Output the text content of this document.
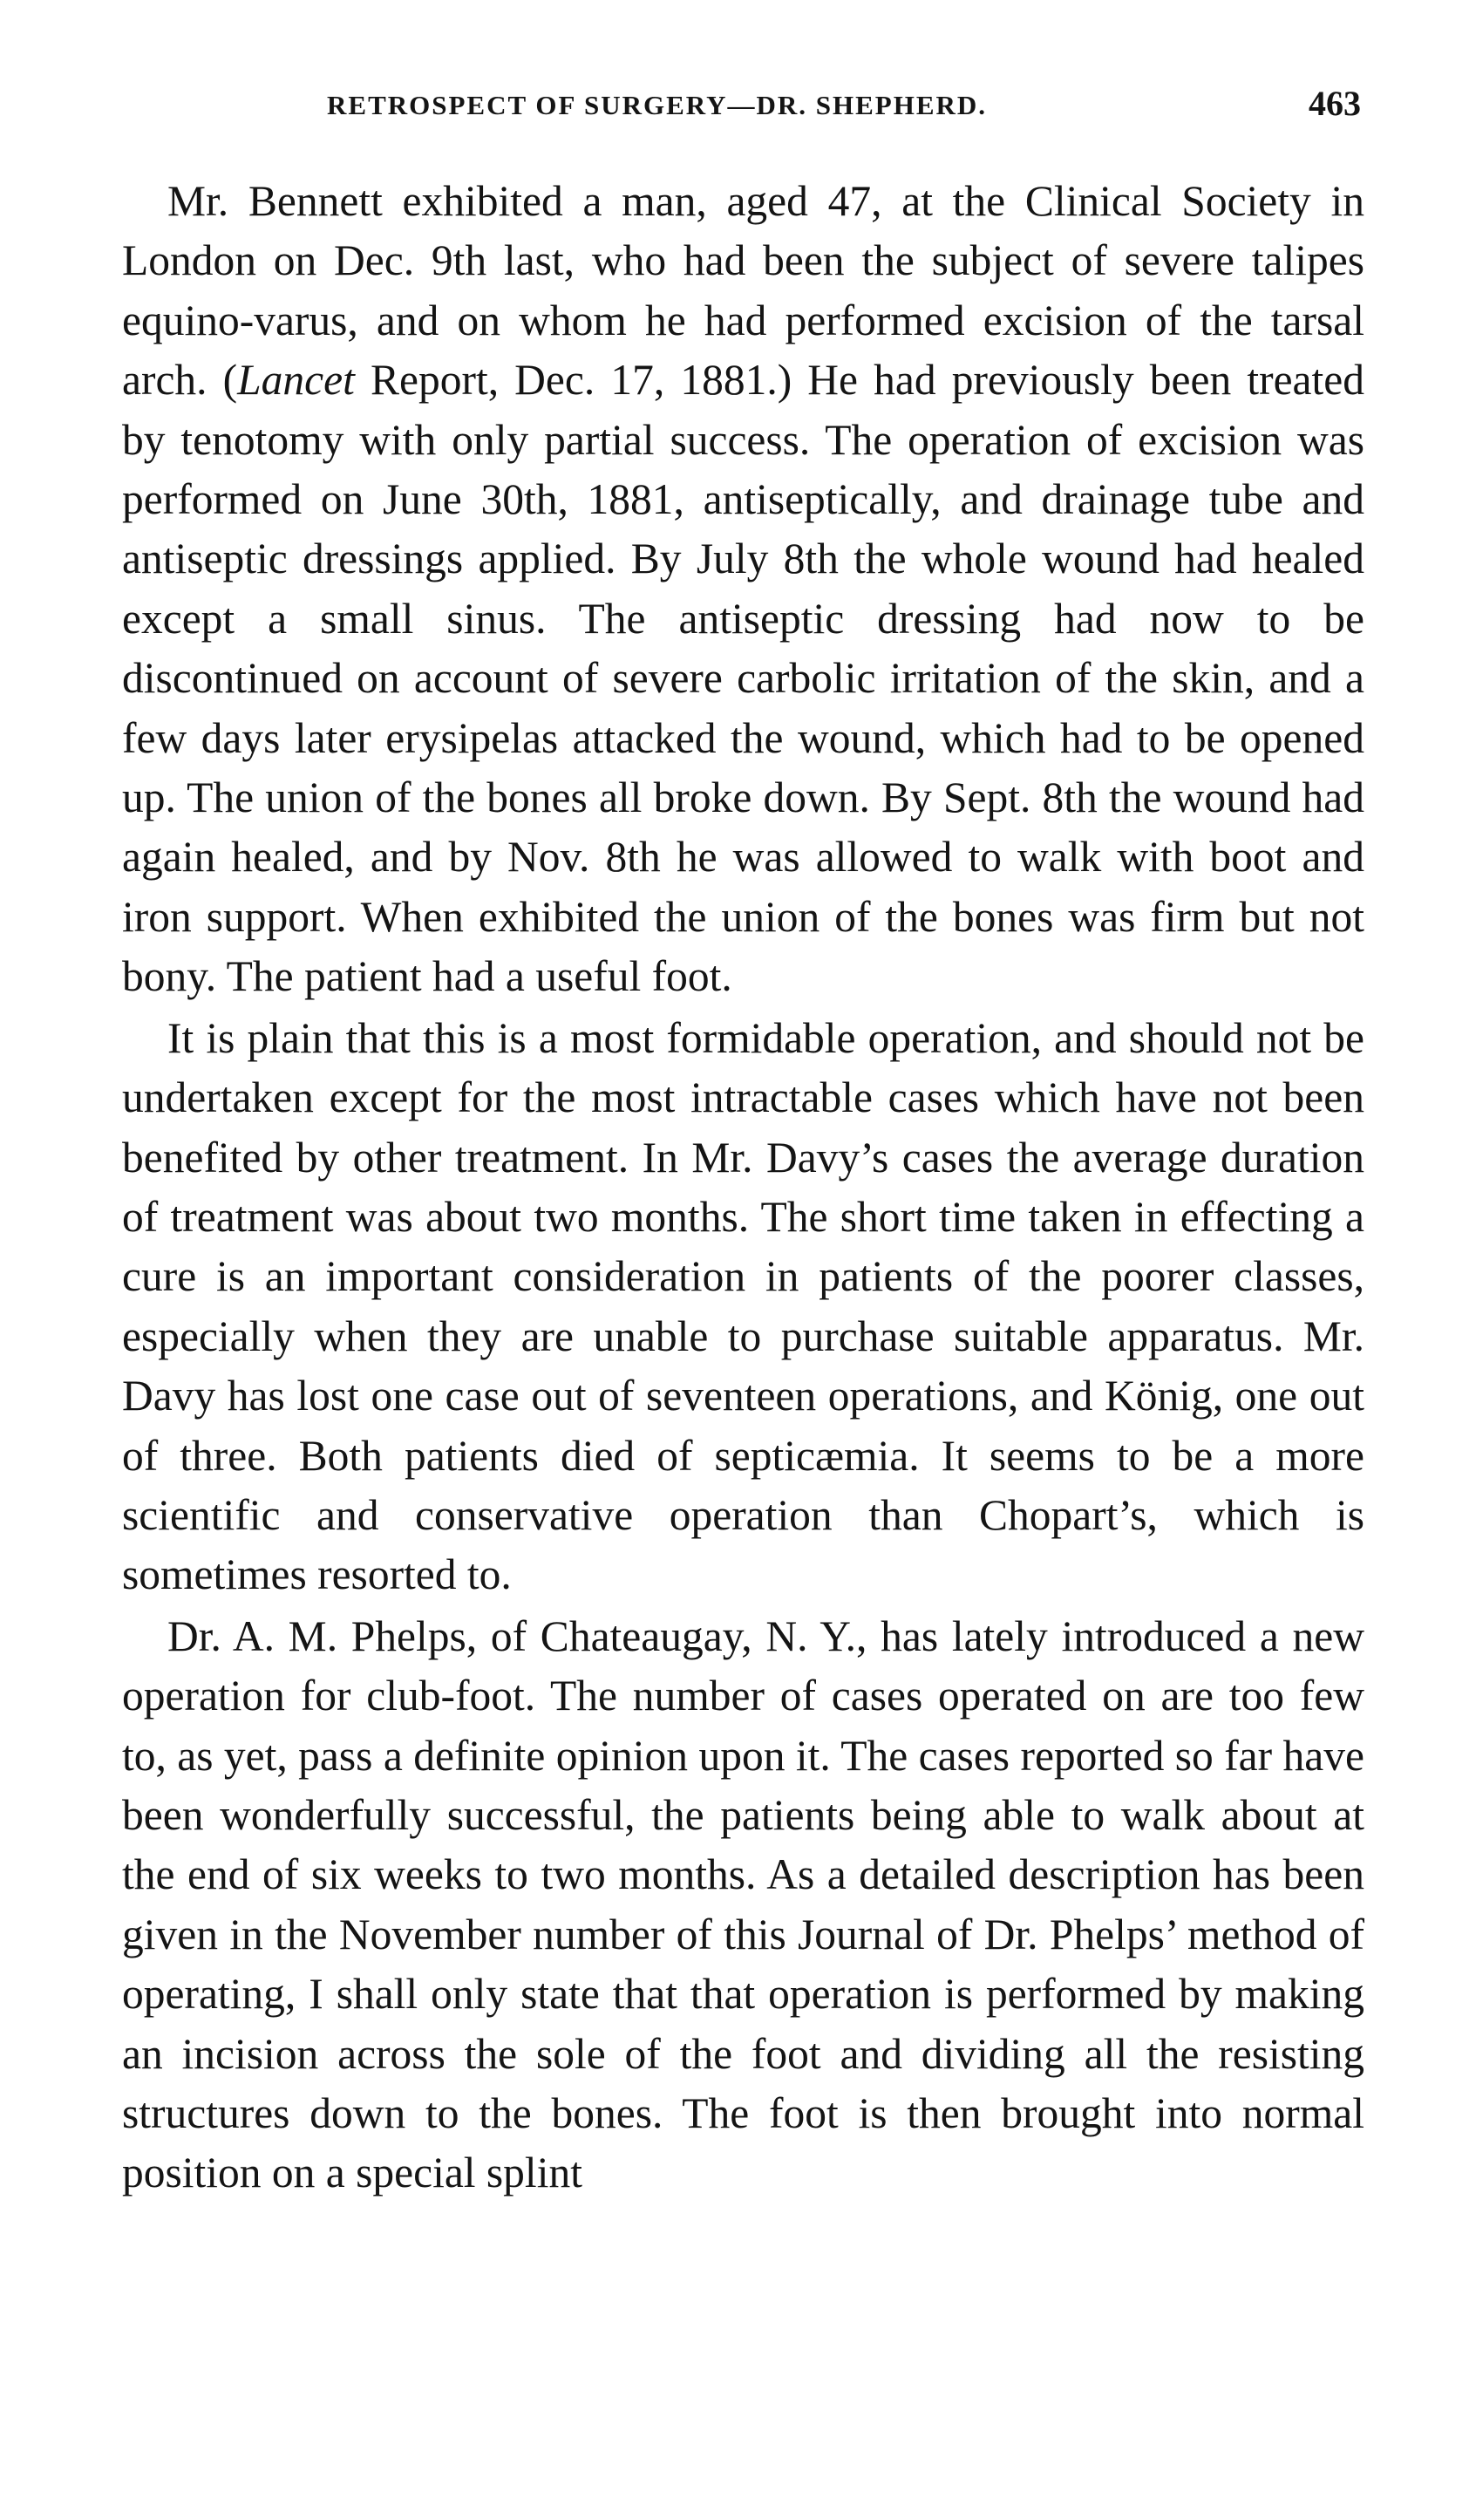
RETROSPECT OF SURGERY—DR. SHEPHERD.	463

Mr. Bennett exhibited a man, aged 47, at the Clinical Society in London on Dec. 9th last, who had been the subject of severe talipes equino-varus, and on whom he had performed excision of the tarsal arch. (Lancet Report, Dec. 17, 1881.) He had previously been treated by tenotomy with only partial success. The operation of excision was performed on June 30th, 1881, antiseptically, and drainage tube and antiseptic dressings applied. By July 8th the whole wound had healed except a small sinus. The antiseptic dressing had now to be discontinued on account of severe carbolic irritation of the skin, and a few days later erysipelas attacked the wound, which had to be opened up. The union of the bones all broke down. By Sept. 8th the wound had again healed, and by Nov. 8th he was allowed to walk with boot and iron support. When exhibited the union of the bones was firm but not bony. The patient had a useful foot.

It is plain that this is a most formidable operation, and should not be undertaken except for the most intractable cases which have not been benefited by other treatment. In Mr. Davy’s cases the average duration of treatment was about two months. The short time taken in effecting a cure is an important consideration in patients of the poorer classes, especially when they are unable to purchase suitable apparatus. Mr. Davy has lost one case out of seventeen operations, and König, one out of three. Both patients died of septicæmia. It seems to be a more scientific and conservative operation than Chopart’s, which is sometimes resorted to.

Dr. A. M. Phelps, of Chateaugay, N. Y., has lately introduced a new operation for club-foot. The number of cases operated on are too few to, as yet, pass a definite opinion upon it. The cases reported so far have been wonderfully successful, the patients being able to walk about at the end of six weeks to two months. As a detailed description has been given in the November number of this Journal of Dr. Phelps’ method of operating, I shall only state that that operation is performed by making an incision across the sole of the foot and dividing all the resisting structures down to the bones. The foot is then brought into normal position on a special splint
